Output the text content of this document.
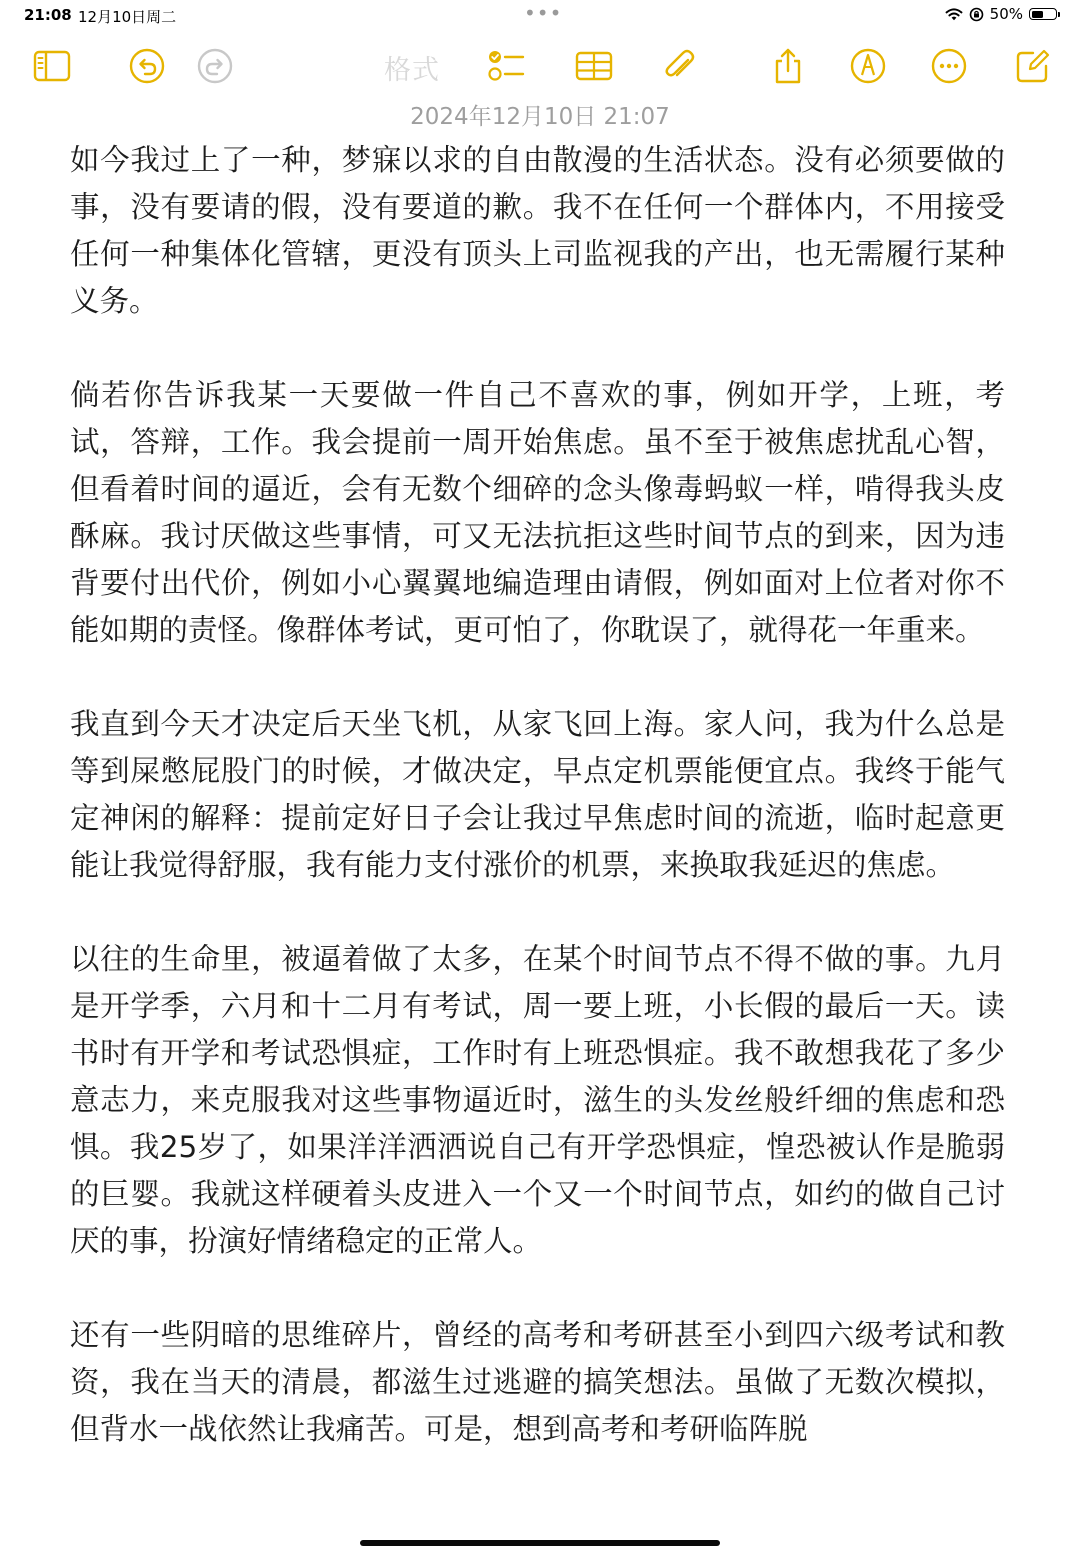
21:08 12月10日周二	•••	50%
格式
2024年12月10日 21:07

如今我过上了一种，梦寐以求的自由散漫的生活状态。没有必须要做的事，没有要请的假，没有要道的歉。我不在任何一个群体内，不用接受任何一种集体化管辖，更没有顶头上司监视我的产出，也无需履行某种义务。

倘若你告诉我某一天要做一件自己不喜欢的事，例如开学，上班，考试，答辩，工作。我会提前一周开始焦虑。虽不至于被焦虑扰乱心智，但看着时间的逼近，会有无数个细碎的念头像毒蚂蚁一样，啃得我头皮酥麻。我讨厌做这些事情，可又无法抗拒这些时间节点的到来，因为违背要付出代价，例如小心翼翼地编造理由请假，例如面对上位者对你不能如期的责怪。像群体考试，更可怕了，你耽误了，就得花一年重来。

我直到今天才决定后天坐飞机，从家飞回上海。家人问，我为什么总是等到屎憋屁股门的时候，才做决定，早点定机票能便宜点。我终于能气定神闲的解释：提前定好日子会让我过早焦虑时间的流逝，临时起意更能让我觉得舒服，我有能力支付涨价的机票，来换取我延迟的焦虑。

以往的生命里，被逼着做了太多，在某个时间节点不得不做的事。九月是开学季，六月和十二月有考试，周一要上班，小长假的最后一天。读书时有开学和考试恐惧症，工作时有上班恐惧症。我不敢想我花了多少意志力，来克服我对这些事物逼近时，滋生的头发丝般纤细的焦虑和恐惧。我25岁了，如果洋洋洒洒说自己有开学恐惧症，惶恐被认作是脆弱的巨婴。我就这样硬着头皮进入一个又一个时间节点，如约的做自己讨厌的事，扮演好情绪稳定的正常人。

还有一些阴暗的思维碎片，曾经的高考和考研甚至小到四六级考试和教资，我在当天的清晨，都滋生过逃避的搞笑想法。虽做了无数次模拟，但背水一战依然让我痛苦。可是，想到高考和考研临阵脱
